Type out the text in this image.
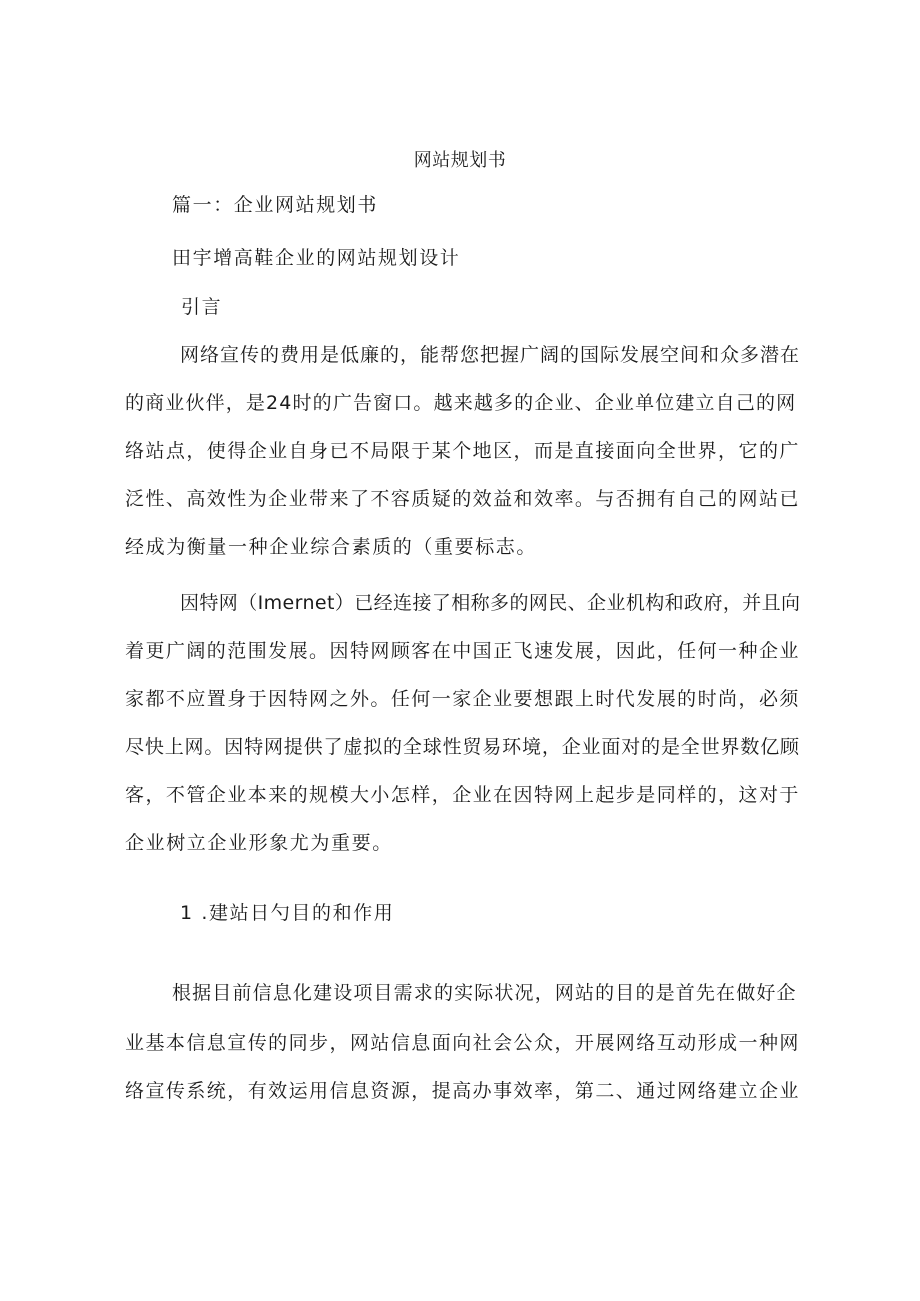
网站规划书
篇一：企业网站规划书
田宇增高鞋企业的网站规划设计
引言
网络宣传的费用是低廉的，能帮您把握广阔的国际发展空间和众多潜在
的商业伙伴，是24时的广告窗口。越来越多的企业、企业单位建立自己的网
络站点，使得企业自身已不局限于某个地区，而是直接面向全世界，它的广
泛性、高效性为企业带来了不容质疑的效益和效率。与否拥有自己的网站已
经成为衡量一种企业综合素质的（重要标志。
因特网（Imernet）已经连接了相称多的网民、企业机构和政府，并且向
着更广阔的范围发展。因特网顾客在中国正飞速发展，因此，任何一种企业
家都不应置身于因特网之外。任何一家企业要想跟上时代发展的时尚，必须
尽快上网。因特网提供了虚拟的全球性贸易环境，企业面对的是全世界数亿顾
客，不管企业本来的规模大小怎样，企业在因特网上起步是同样的，这对于
企业树立企业形象尤为重要。
1 .建站日勺目的和作用
根据目前信息化建设项目需求的实际状况，网站的目的是首先在做好企
业基本信息宣传的同步，网站信息面向社会公众，开展网络互动形成一种网
络宣传系统，有效运用信息资源，提高办事效率，第二、通过网络建立企业
